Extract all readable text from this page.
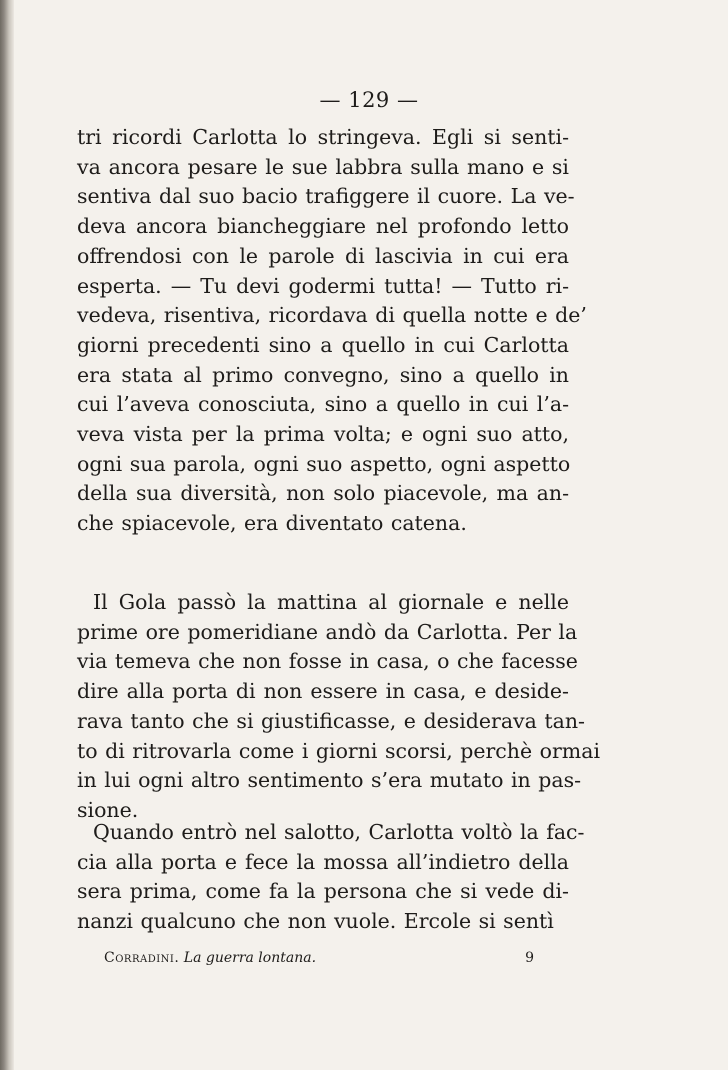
— 129 —

tri ricordi Carlotta lo stringeva. Egli si senti-
va ancora pesare le sue labbra sulla mano e si
sentiva dal suo bacio trafiggere il cuore. La ve-
deva ancora biancheggiare nel profondo letto
offrendosi con le parole di lascivia in cui era
esperta. — Tu devi godermi tutta! — Tutto ri-
vedeva, risentiva, ricordava di quella notte e de’
giorni precedenti sino a quello in cui Carlotta
era stata al primo convegno, sino a quello in
cui l’aveva conosciuta, sino a quello in cui l’a-
veva vista per la prima volta; e ogni suo atto,
ogni sua parola, ogni suo aspetto, ogni aspetto
della sua diversità, non solo piacevole, ma an-
che spiacevole, era diventato catena.

Il Gola passò la mattina al giornale e nelle
prime ore pomeridiane andò da Carlotta. Per la
via temeva che non fosse in casa, o che facesse
dire alla porta di non essere in casa, e deside-
rava tanto che si giustificasse, e desiderava tan-
to di ritrovarla come i giorni scorsi, perchè ormai
in lui ogni altro sentimento s’era mutato in pas-
sione.

Quando entrò nel salotto, Carlotta voltò la fac-
cia alla porta e fece la mossa all’indietro della
sera prima, come fa la persona che si vede di-
nanzi qualcuno che non vuole. Ercole si sentì

Corradini. La guerra lontana.	9
